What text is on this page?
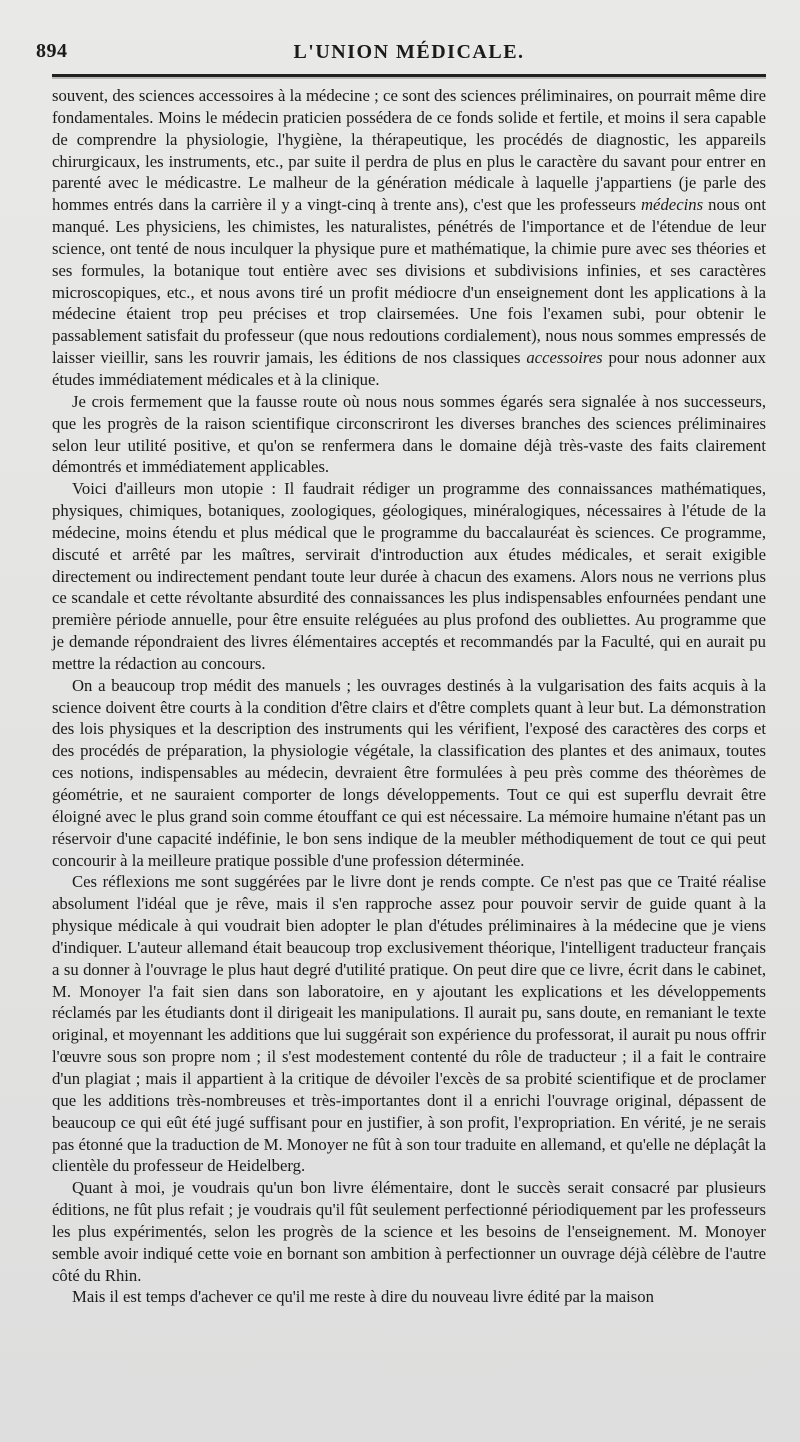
894	L'UNION MÉDICALE.

souvent, des sciences accessoires à la médecine ; ce sont des sciences préliminaires, on pourrait même dire fondamentales. Moins le médecin praticien possédera de ce fonds solide et fertile, et moins il sera capable de comprendre la physiologie, l'hygiène, la thérapeutique, les procédés de diagnostic, les appareils chirurgicaux, les instruments, etc., par suite il perdra de plus en plus le caractère du savant pour entrer en parenté avec le médicastre. Le malheur de la génération médicale à laquelle j'appartiens (je parle des hommes entrés dans la carrière il y a vingt-cinq à trente ans), c'est que les professeurs médecins nous ont manqué. Les physiciens, les chimistes, les naturalistes, pénétrés de l'importance et de l'étendue de leur science, ont tenté de nous inculquer la physique pure et mathématique, la chimie pure avec ses théories et ses formules, la botanique tout entière avec ses divisions et subdivisions infinies, et ses caractères microscopiques, etc., et nous avons tiré un profit médiocre d'un enseignement dont les applications à la médecine étaient trop peu précises et trop clairsemées. Une fois l'examen subi, pour obtenir le passablement satisfait du professeur (que nous redoutions cordialement), nous nous sommes empressés de laisser vieillir, sans les rouvrir jamais, les éditions de nos classiques accessoires pour nous adonner aux études immédiatement médicales et à la clinique.

Je crois fermement que la fausse route où nous nous sommes égarés sera signalée à nos successeurs, que les progrès de la raison scientifique circonscriront les diverses branches des sciences préliminaires selon leur utilité positive, et qu'on se renfermera dans le domaine déjà très-vaste des faits clairement démontrés et immédiatement applicables.

Voici d'ailleurs mon utopie : Il faudrait rédiger un programme des connaissances mathématiques, physiques, chimiques, botaniques, zoologiques, géologiques, minéralogiques, nécessaires à l'étude de la médecine, moins étendu et plus médical que le programme du baccalauréat ès sciences. Ce programme, discuté et arrêté par les maîtres, servirait d'introduction aux études médicales, et serait exigible directement ou indirectement pendant toute leur durée à chacun des examens. Alors nous ne verrions plus ce scandale et cette révoltante absurdité des connaissances les plus indispensables enfournées pendant une première période annuelle, pour être ensuite reléguées au plus profond des oubliettes. Au programme que je demande répondraient des livres élémentaires acceptés et recommandés par la Faculté, qui en aurait pu mettre la rédaction au concours.

On a beaucoup trop médit des manuels ; les ouvrages destinés à la vulgarisation des faits acquis à la science doivent être courts à la condition d'être clairs et d'être complets quant à leur but. La démonstration des lois physiques et la description des instruments qui les vérifient, l'exposé des caractères des corps et des procédés de préparation, la physiologie végétale, la classification des plantes et des animaux, toutes ces notions, indispensables au médecin, devraient être formulées à peu près comme des théorèmes de géométrie, et ne sauraient comporter de longs développements. Tout ce qui est superflu devrait être éloigné avec le plus grand soin comme étouffant ce qui est nécessaire. La mémoire humaine n'étant pas un réservoir d'une capacité indéfinie, le bon sens indique de la meubler méthodiquement de tout ce qui peut concourir à la meilleure pratique possible d'une profession déterminée.

Ces réflexions me sont suggérées par le livre dont je rends compte. Ce n'est pas que ce Traité réalise absolument l'idéal que je rêve, mais il s'en rapproche assez pour pouvoir servir de guide quant à la physique médicale à qui voudrait bien adopter le plan d'études préliminaires à la médecine que je viens d'indiquer. L'auteur allemand était beaucoup trop exclusivement théorique, l'intelligent traducteur français a su donner à l'ouvrage le plus haut degré d'utilité pratique. On peut dire que ce livre, écrit dans le cabinet, M. Monoyer l'a fait sien dans son laboratoire, en y ajoutant les explications et les développements réclamés par les étudiants dont il dirigeait les manipulations. Il aurait pu, sans doute, en remaniant le texte original, et moyennant les additions que lui suggérait son expérience du professorat, il aurait pu nous offrir l'œuvre sous son propre nom ; il s'est modestement contenté du rôle de traducteur ; il a fait le contraire d'un plagiat ; mais il appartient à la critique de dévoiler l'excès de sa probité scientifique et de proclamer que les additions très-nombreuses et très-importantes dont il a enrichi l'ouvrage original, dépassent de beaucoup ce qui eût été jugé suffisant pour en justifier, à son profit, l'expropriation. En vérité, je ne serais pas étonné que la traduction de M. Monoyer ne fût à son tour traduite en allemand, et qu'elle ne déplaçât la clientèle du professeur de Heidelberg.

Quant à moi, je voudrais qu'un bon livre élémentaire, dont le succès serait consacré par plusieurs éditions, ne fût plus refait ; je voudrais qu'il fût seulement perfectionné périodiquement par les professeurs les plus expérimentés, selon les progrès de la science et les besoins de l'enseignement. M. Monoyer semble avoir indiqué cette voie en bornant son ambition à perfectionner un ouvrage déjà célèbre de l'autre côté du Rhin.

Mais il est temps d'achever ce qu'il me reste à dire du nouveau livre édité par la maison
